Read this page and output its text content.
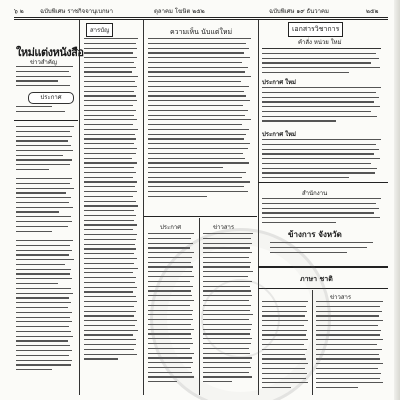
๖ ๒	ฉบับพิเศษ ราชกิจจานุเบกษา	ตุลาคม โฆษิต ๒๕๒	ฉบับพิเศษ ๑๙ ธันวาคม	๒๕๒
ใหม่แต่งหนังสือ
ข่าวสำคัญ
ประกาศ
สารบัญ	ความเห็น นับแต่ใหม่	เอกสารวิชาการ
คำสั่ง หน่วย ใหม่
ประกาศ ใหม่
ประกาศ ใหม่
สำนักงาน
ข้างการ จังหวัด
ภาษา ชาติ
ประกาศ	ข่าวสาร
ข่าวสาร
